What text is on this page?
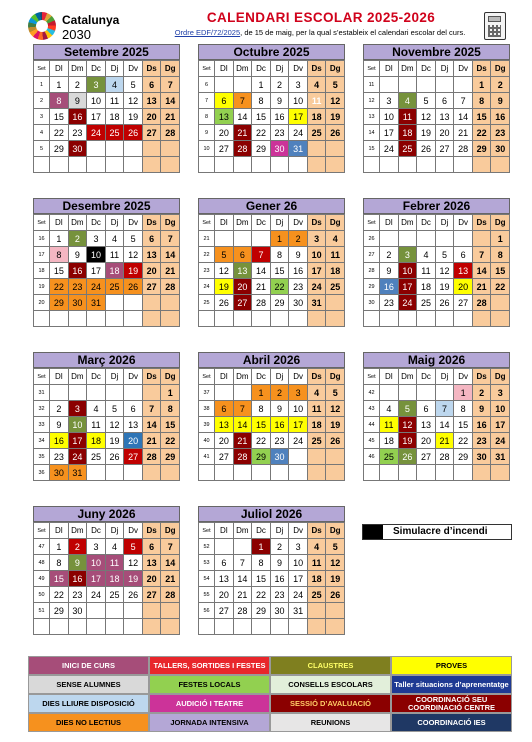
Catalunya
2030
CALENDARI ESCOLAR 2025-2026
Ordre EDF/72/2025, de 15 de maig, per la qual s’estableix el calendari escolar del curs.
Setembre 2025
Set	Dl	Dm	Dc	Dj	Dv	Ds	Dg
1	1	2	3	4	5	6	7
2	8	9	10	11	12	13	14
3	15	16	17	18	19	20	21
4	22	23	24	25	26	27	28
5	29	30					

Octubre 2025
Set	Dl	Dm	Dc	Dj	Dv	Ds	Dg
6			1	2	3	4	5
7	6	7	8	9	10	11	12
8	13	14	15	16	17	18	19
9	20	21	22	23	24	25	26
10	27	28	29	30	31		

Novembre 2025
Set	Dl	Dm	Dc	Dj	Dv	Ds	Dg
11						1	2
12	3	4	5	6	7	8	9
13	10	11	12	13	14	15	16
14	17	18	19	20	21	22	23
15	24	25	26	27	28	29	30

Desembre 2025
Set	Dl	Dm	Dc	Dj	Dv	Ds	Dg
16	1	2	3	4	5	6	7
17	8	9	10	11	12	13	14
18	15	16	17	18	19	20	21
19	22	23	24	25	26	27	28
20	29	30	31				

Gener 26
Set	Dl	Dm	Dc	Dj	Dv	Ds	Dg
21				1	2	3	4
22	5	6	7	8	9	10	11
23	12	13	14	15	16	17	18
24	19	20	21	22	23	24	25
25	26	27	28	29	30	31	

Febrer 2026
Set	Dl	Dm	Dc	Dj	Dv	Ds	Dg
26							1
27	2	3	4	5	6	7	8
28	9	10	11	12	13	14	15
29	16	17	18	19	20	21	22
30	23	24	25	26	27	28	

Març 2026
Set	Dl	Dm	Dc	Dj	Dv	Ds	Dg
31							1
32	2	3	4	5	6	7	8
33	9	10	11	12	13	14	15
34	16	17	18	19	20	21	22
35	23	24	25	26	27	28	29
36	30	31					
Abril 2026
Set	Dl	Dm	Dc	Dj	Dv	Ds	Dg
37			1	2	3	4	5
38	6	7	8	9	10	11	12
39	13	14	15	16	17	18	19
40	20	21	22	23	24	25	26
41	27	28	29	30			

Maig 2026
Set	Dl	Dm	Dc	Dj	Dv	Ds	Dg
42					1	2	3
43	4	5	6	7	8	9	10
44	11	12	13	14	15	16	17
45	18	19	20	21	22	23	24
46	25	26	27	28	29	30	31

Juny 2026
Set	Dl	Dm	Dc	Dj	Dv	Ds	Dg
47	1	2	3	4	5	6	7
48	8	9	10	11	12	13	14
49	15	16	17	18	19	20	21
50	22	23	24	25	26	27	28
51	29	30					

Juliol 2026
Set	Dl	Dm	Dc	Dj	Dv	Ds	Dg
52			1	2	3	4	5
53	6	7	8	9	10	11	12
54	13	14	15	16	17	18	19
55	20	21	22	23	24	25	26
56	27	28	29	30	31		

Simulacre d’incendi
INICI DE CURS	TALLERS, SORTIDES I FESTES	CLAUSTRES	PROVES
SENSE ALUMNES	FESTES LOCALS	CONSELLS ESCOLARS	Taller situacions d’aprenentatge
DIES LLIURE DISPOSICIÓ	AUDICIÓ I TEATRE	SESSIÓ D’AVALUACIÓ	COORDINACIÓ SEU COORDINACIÓ CENTRE
DIES NO LECTIUS	JORNADA INTENSIVA	REUNIONS	COORDINACIÓ IES
